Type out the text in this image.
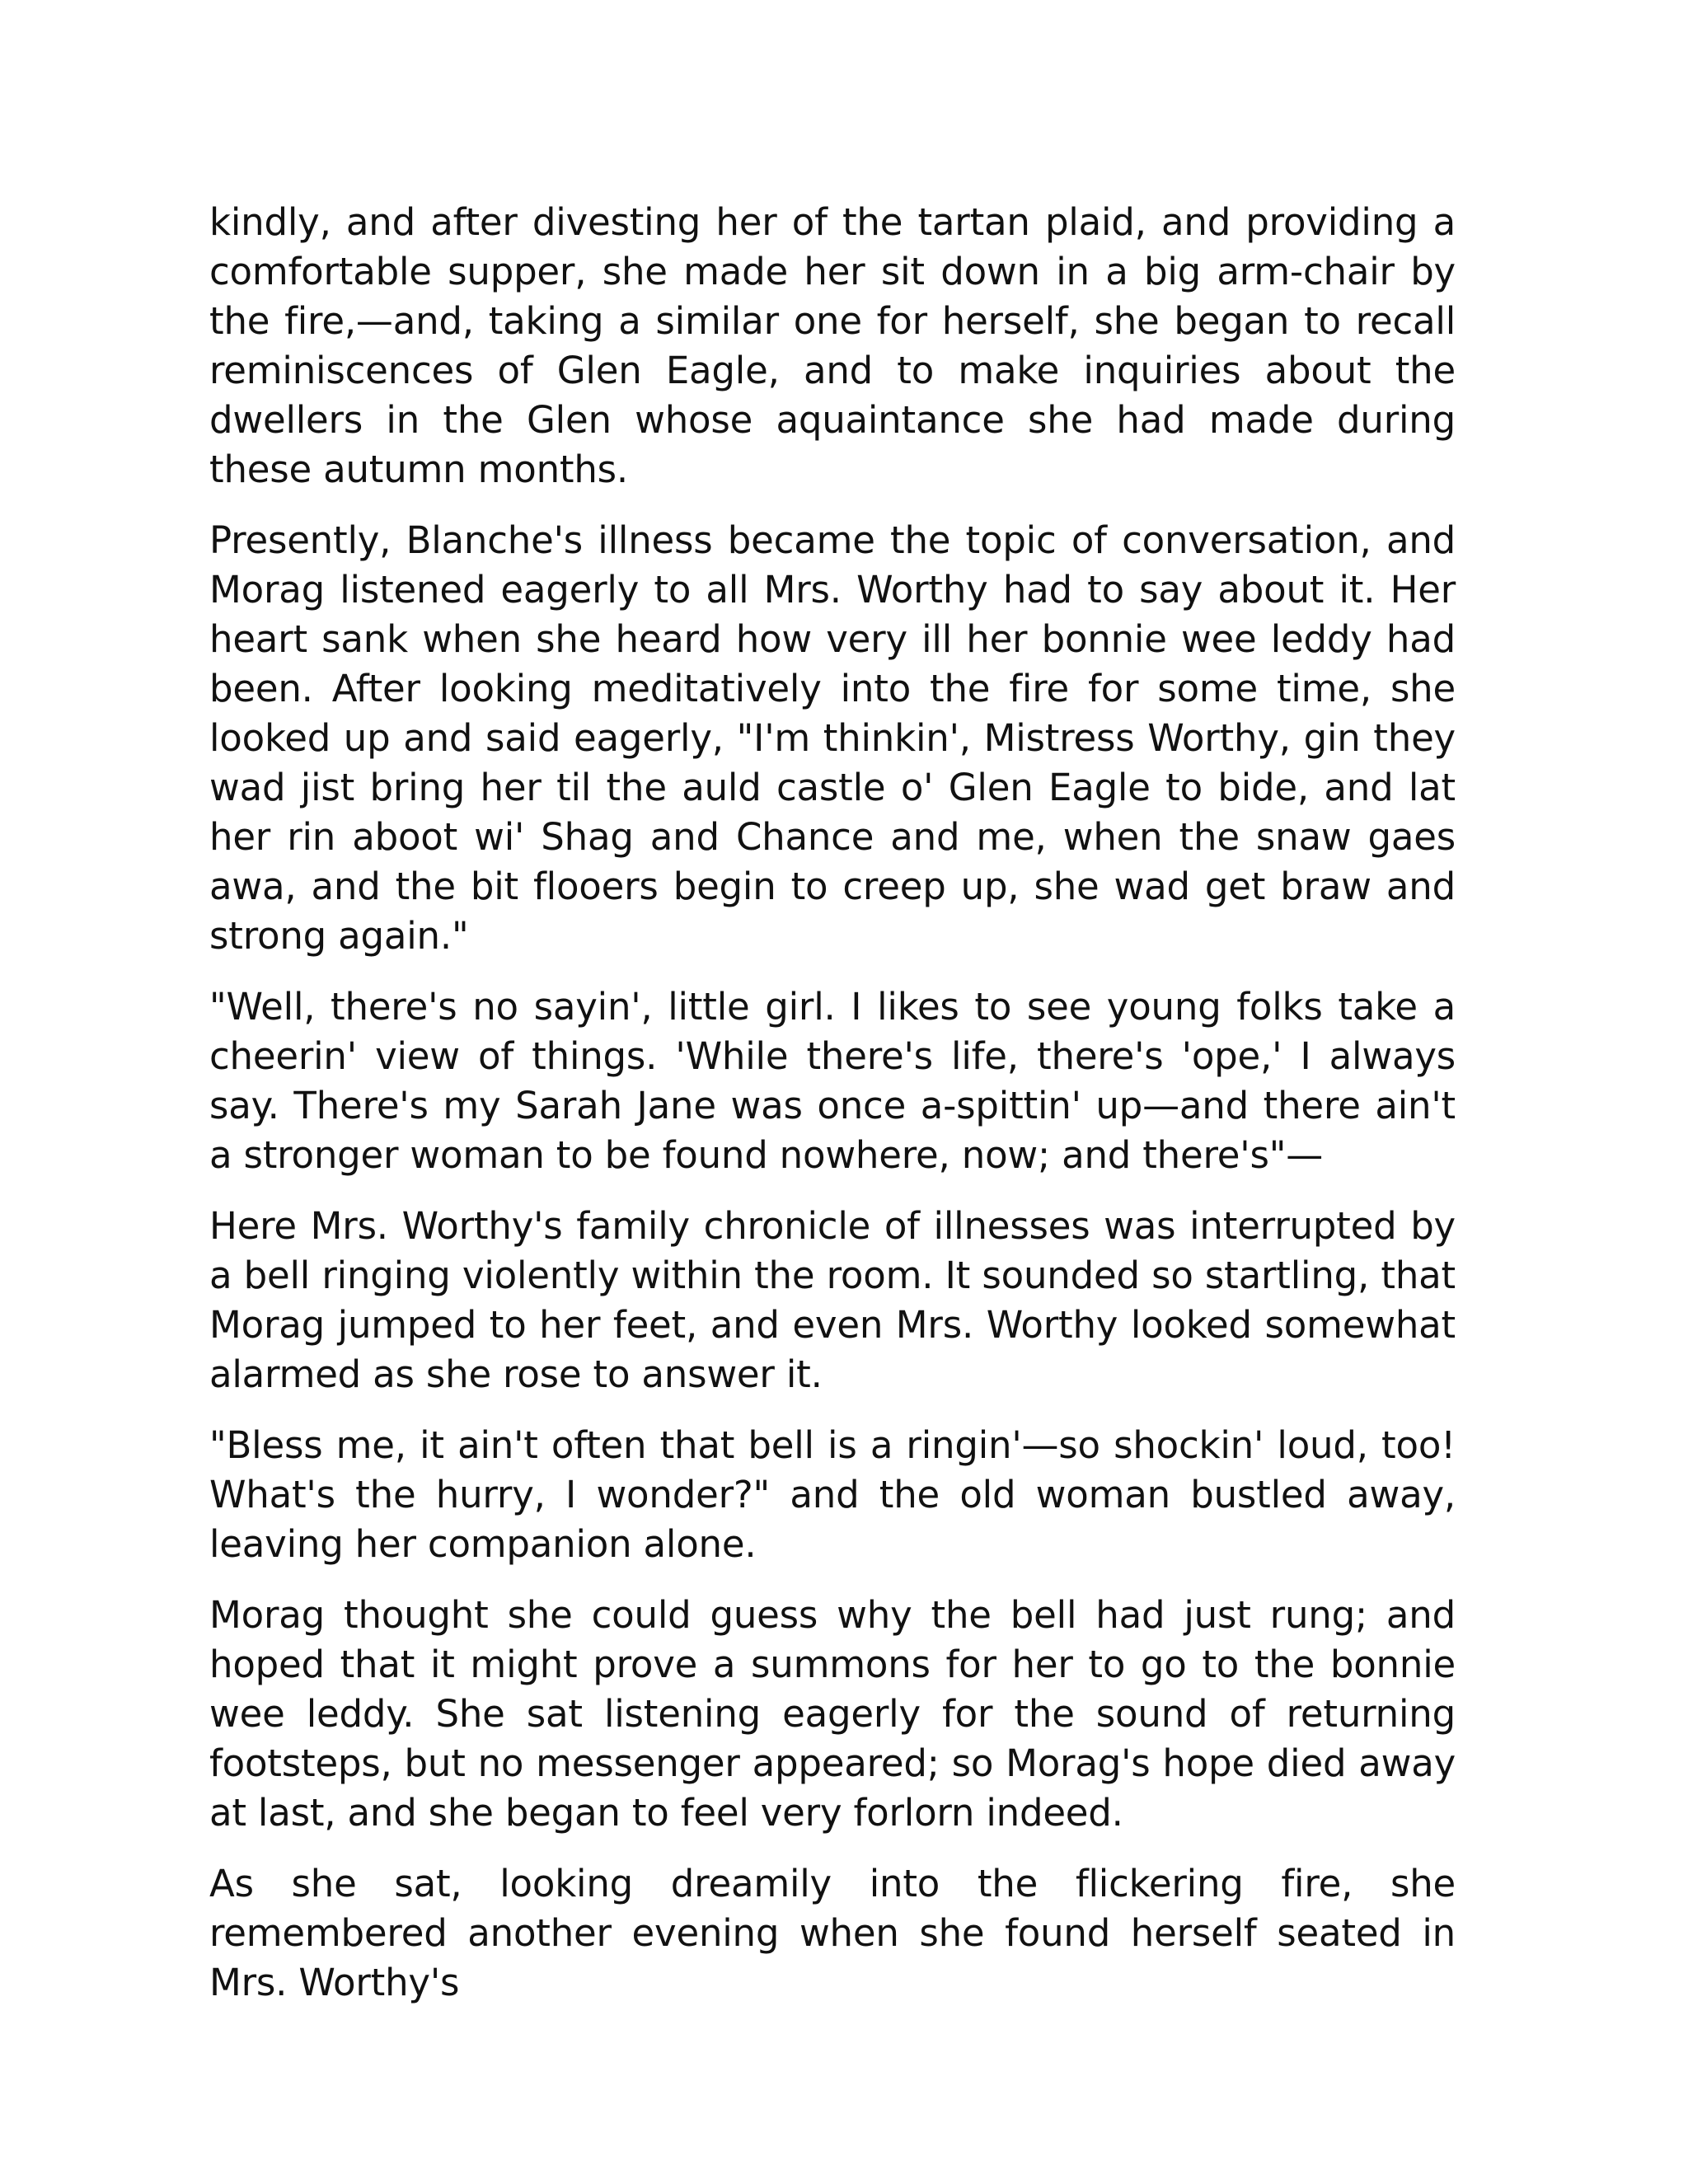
kindly, and after divesting her of the tartan plaid, and providing a comfortable supper, she made her sit down in a big arm-chair by the fire,—and, taking a similar one for herself, she began to recall reminiscences of Glen Eagle, and to make inquiries about the dwellers in the Glen whose aquaintance she had made during these autumn months.

Presently, Blanche's illness became the topic of conversation, and Morag listened eagerly to all Mrs. Worthy had to say about it. Her heart sank when she heard how very ill her bonnie wee leddy had been. After looking meditatively into the fire for some time, she looked up and said eagerly, "I'm thinkin', Mistress Worthy, gin they wad jist bring her til the auld castle o' Glen Eagle to bide, and lat her rin aboot wi' Shag and Chance and me, when the snaw gaes awa, and the bit flooers begin to creep up, she wad get braw and strong again."

"Well, there's no sayin', little girl. I likes to see young folks take a cheerin' view of things. 'While there's life, there's 'ope,' I always say. There's my Sarah Jane was once a-spittin' up—and there ain't a stronger woman to be found nowhere, now; and there's"—

Here Mrs. Worthy's family chronicle of illnesses was interrupted by a bell ringing violently within the room. It sounded so startling, that Morag jumped to her feet, and even Mrs. Worthy looked somewhat alarmed as she rose to answer it.

"Bless me, it ain't often that bell is a ringin'—so shockin' loud, too! What's the hurry, I wonder?" and the old woman bustled away, leaving her companion alone.

Morag thought she could guess why the bell had just rung; and hoped that it might prove a summons for her to go to the bonnie wee leddy. She sat listening eagerly for the sound of returning footsteps, but no messenger appeared; so Morag's hope died away at last, and she began to feel very forlorn indeed.

As she sat, looking dreamily into the flickering fire, she remembered another evening when she found herself seated in Mrs. Worthy's
